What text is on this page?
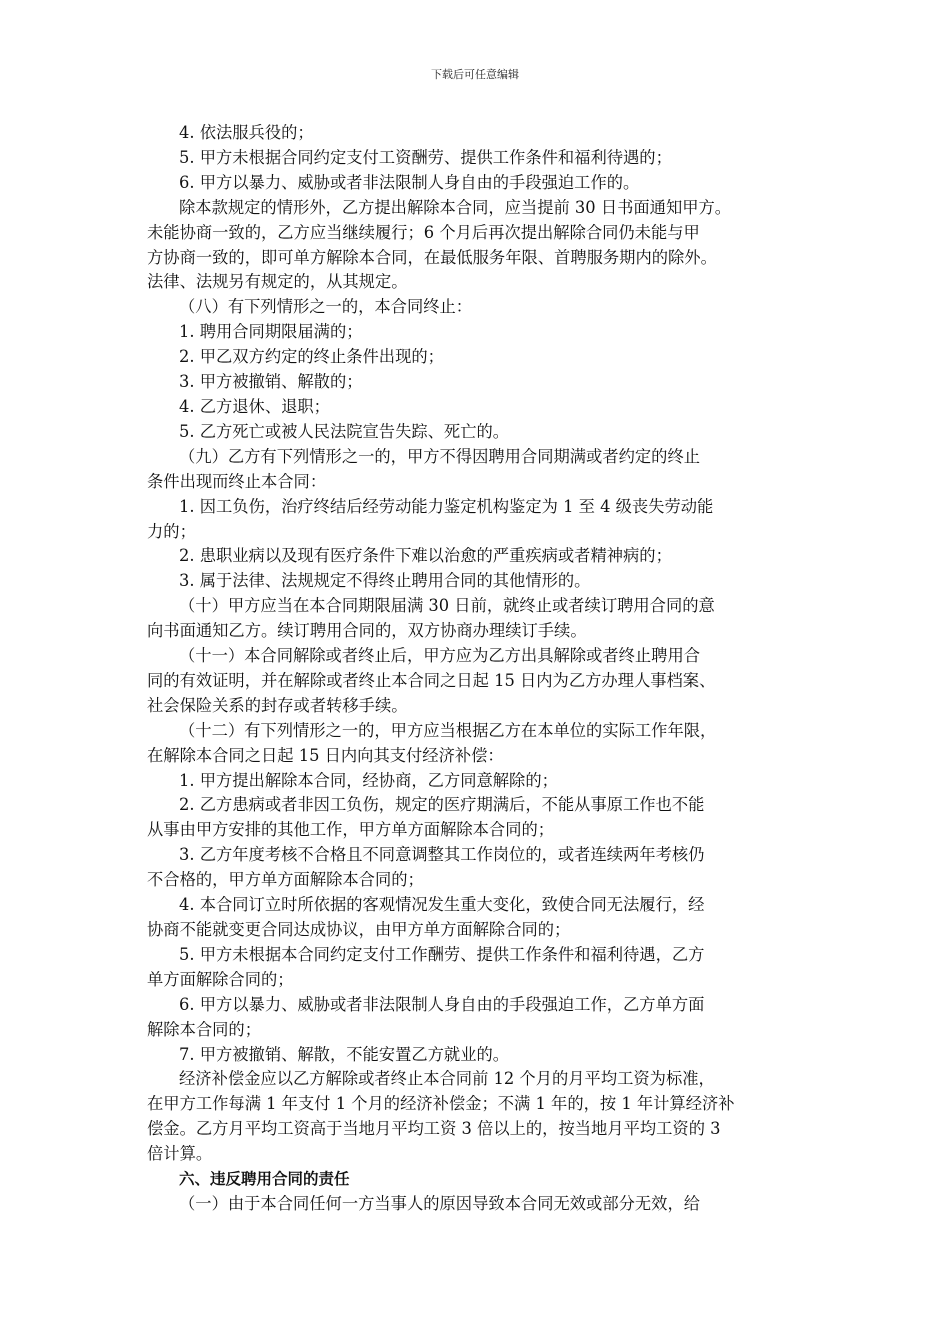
下载后可任意编辑

4. 依法服兵役的；

5. 甲方未根据合同约定支付工资酬劳、提供工作条件和福利待遇的；

6. 甲方以暴力、威胁或者非法限制人身自由的手段强迫工作的。

除本款规定的情形外，乙方提出解除本合同，应当提前 30 日书面通知甲方。

未能协商一致的，乙方应当继续履行；6 个月后再次提出解除合同仍未能与甲

方协商一致的，即可单方解除本合同，在最低服务年限、首聘服务期内的除外。

法律、法规另有规定的，从其规定。

（八）有下列情形之一的，本合同终止：

1. 聘用合同期限届满的；

2. 甲乙双方约定的终止条件出现的；

3. 甲方被撤销、解散的；

4. 乙方退休、退职；

5. 乙方死亡或被人民法院宣告失踪、死亡的。

（九）乙方有下列情形之一的，甲方不得因聘用合同期满或者约定的终止

条件出现而终止本合同：

1. 因工负伤，治疗终结后经劳动能力鉴定机构鉴定为 1 至 4 级丧失劳动能

力的；

2. 患职业病以及现有医疗条件下难以治愈的严重疾病或者精神病的；

3. 属于法律、法规规定不得终止聘用合同的其他情形的。

（十）甲方应当在本合同期限届满 30 日前，就终止或者续订聘用合同的意

向书面通知乙方。续订聘用合同的，双方协商办理续订手续。

（十一）本合同解除或者终止后，甲方应为乙方出具解除或者终止聘用合

同的有效证明，并在解除或者终止本合同之日起 15 日内为乙方办理人事档案、

社会保险关系的封存或者转移手续。

（十二）有下列情形之一的，甲方应当根据乙方在本单位的实际工作年限，

在解除本合同之日起 15 日内向其支付经济补偿：

1. 甲方提出解除本合同，经协商，乙方同意解除的；

2. 乙方患病或者非因工负伤，规定的医疗期满后，不能从事原工作也不能

从事由甲方安排的其他工作，甲方单方面解除本合同的；

3. 乙方年度考核不合格且不同意调整其工作岗位的，或者连续两年考核仍

不合格的，甲方单方面解除本合同的；

4. 本合同订立时所依据的客观情况发生重大变化，致使合同无法履行，经

协商不能就变更合同达成协议，由甲方单方面解除合同的；

5. 甲方未根据本合同约定支付工作酬劳、提供工作条件和福利待遇，乙方

单方面解除合同的；

6. 甲方以暴力、威胁或者非法限制人身自由的手段强迫工作，乙方单方面

解除本合同的；

7. 甲方被撤销、解散，不能安置乙方就业的。

经济补偿金应以乙方解除或者终止本合同前 12 个月的月平均工资为标准，

在甲方工作每满 1 年支付 1 个月的经济补偿金；不满 1 年的，按 1 年计算经济补

偿金。乙方月平均工资高于当地月平均工资 3 倍以上的，按当地月平均工资的 3

倍计算。

六、违反聘用合同的责任

（一）由于本合同任何一方当事人的原因导致本合同无效或部分无效，给
